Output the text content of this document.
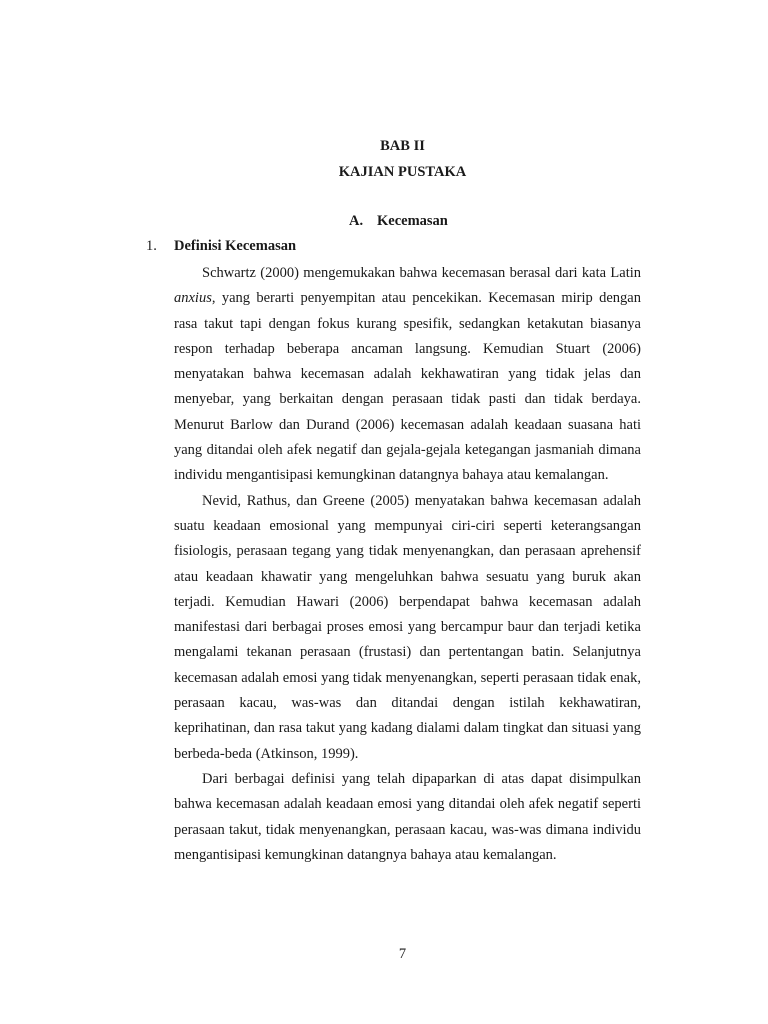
BAB II
KAJIAN PUSTAKA
A. Kecemasan
1. Definisi Kecemasan

Schwartz (2000) mengemukakan bahwa kecemasan berasal dari kata Latin anxius, yang berarti penyempitan atau pencekikan. Kecemasan mirip dengan rasa takut tapi dengan fokus kurang spesifik, sedangkan ketakutan biasanya respon terhadap beberapa ancaman langsung. Kemudian Stuart (2006) menyatakan bahwa kecemasan adalah kekhawatiran yang tidak jelas dan menyebar, yang berkaitan dengan perasaan tidak pasti dan tidak berdaya. Menurut Barlow dan Durand (2006) kecemasan adalah keadaan suasana hati yang ditandai oleh afek negatif dan gejala-gejala ketegangan jasmaniah dimana individu mengantisipasi kemungkinan datangnya bahaya atau kemalangan.

Nevid, Rathus, dan Greene (2005) menyatakan bahwa kecemasan adalah suatu keadaan emosional yang mempunyai ciri-ciri seperti keterangsangan fisiologis, perasaan tegang yang tidak menyenangkan, dan perasaan aprehensif atau keadaan khawatir yang mengeluhkan bahwa sesuatu yang buruk akan terjadi. Kemudian Hawari (2006) berpendapat bahwa kecemasan adalah manifestasi dari berbagai proses emosi yang bercampur baur dan terjadi ketika mengalami tekanan perasaan (frustasi) dan pertentangan batin. Selanjutnya kecemasan adalah emosi yang tidak menyenangkan, seperti perasaan tidak enak, perasaan kacau, was-was dan ditandai dengan istilah kekhawatiran, keprihatinan, dan rasa takut yang kadang dialami dalam tingkat dan situasi yang berbeda-beda (Atkinson, 1999).

Dari berbagai definisi yang telah dipaparkan di atas dapat disimpulkan bahwa kecemasan adalah keadaan emosi yang ditandai oleh afek negatif seperti perasaan takut, tidak menyenangkan, perasaan kacau, was-was dimana individu mengantisipasi kemungkinan datangnya bahaya atau kemalangan.

7
